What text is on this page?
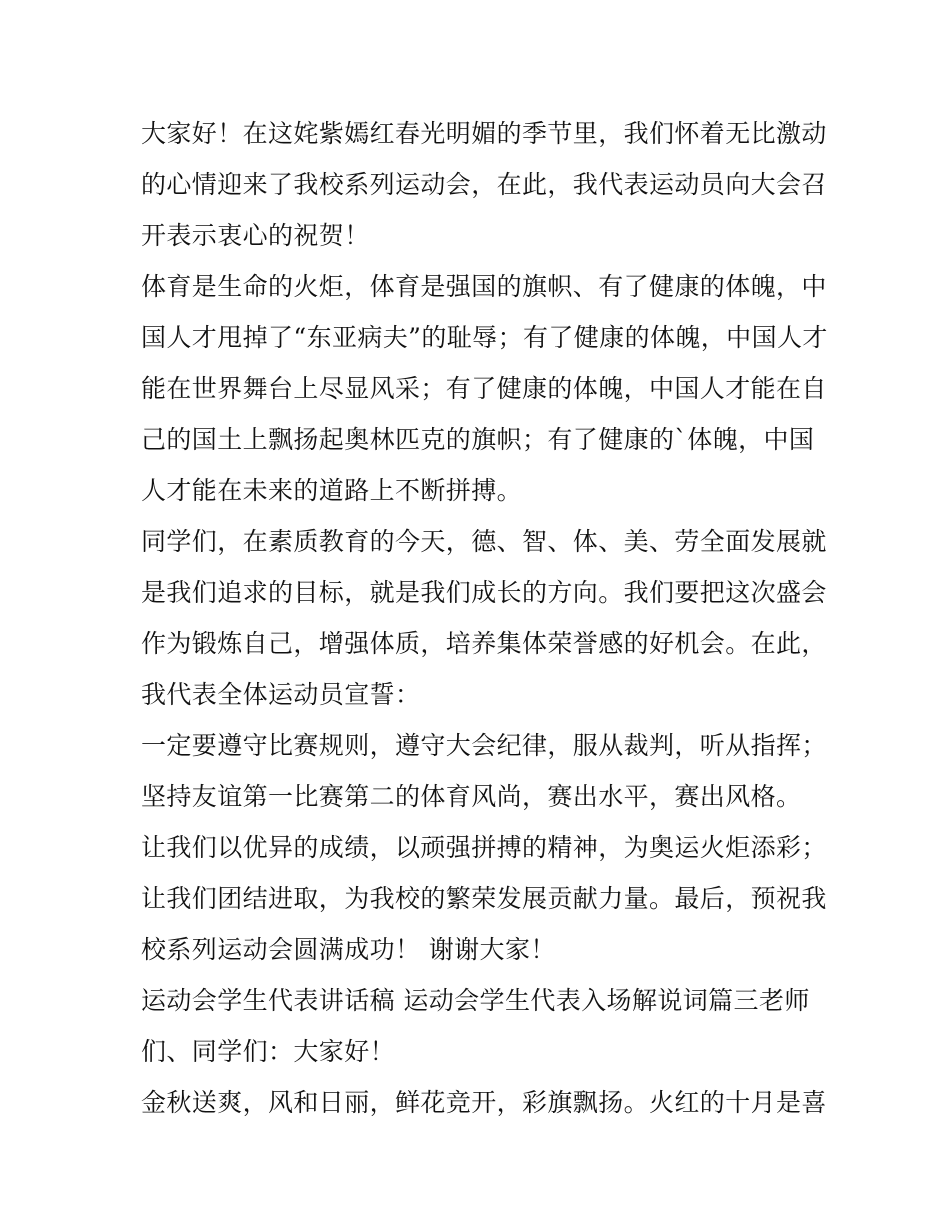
大家好！在这姹紫嫣红春光明媚的季节里，我们怀着无比激动
的心情迎来了我校系列运动会，在此，我代表运动员向大会召
开表示衷心的祝贺！
体育是生命的火炬，体育是强国的旗帜、有了健康的体魄，中
国人才甩掉了“东亚病夫”的耻辱；有了健康的体魄，中国人才
能在世界舞台上尽显风采；有了健康的体魄，中国人才能在自
己的国土上飘扬起奥林匹克的旗帜；有了健康的`体魄，中国
人才能在未来的道路上不断拼搏。
同学们，在素质教育的今天，德、智、体、美、劳全面发展就
是我们追求的目标，就是我们成长的方向。我们要把这次盛会
作为锻炼自己，增强体质，培养集体荣誉感的好机会。在此，
我代表全体运动员宣誓：
一定要遵守比赛规则，遵守大会纪律，服从裁判，听从指挥；
坚持友谊第一比赛第二的体育风尚，赛出水平，赛出风格。
让我们以优异的成绩，以顽强拼搏的精神，为奥运火炬添彩；
让我们团结进取，为我校的繁荣发展贡献力量。最后，预祝我
校系列运动会圆满成功！ 谢谢大家！
运动会学生代表讲话稿 运动会学生代表入场解说词篇三老师
们、同学们：大家好！
金秋送爽，风和日丽，鲜花竞开，彩旗飘扬。火红的十月是喜
